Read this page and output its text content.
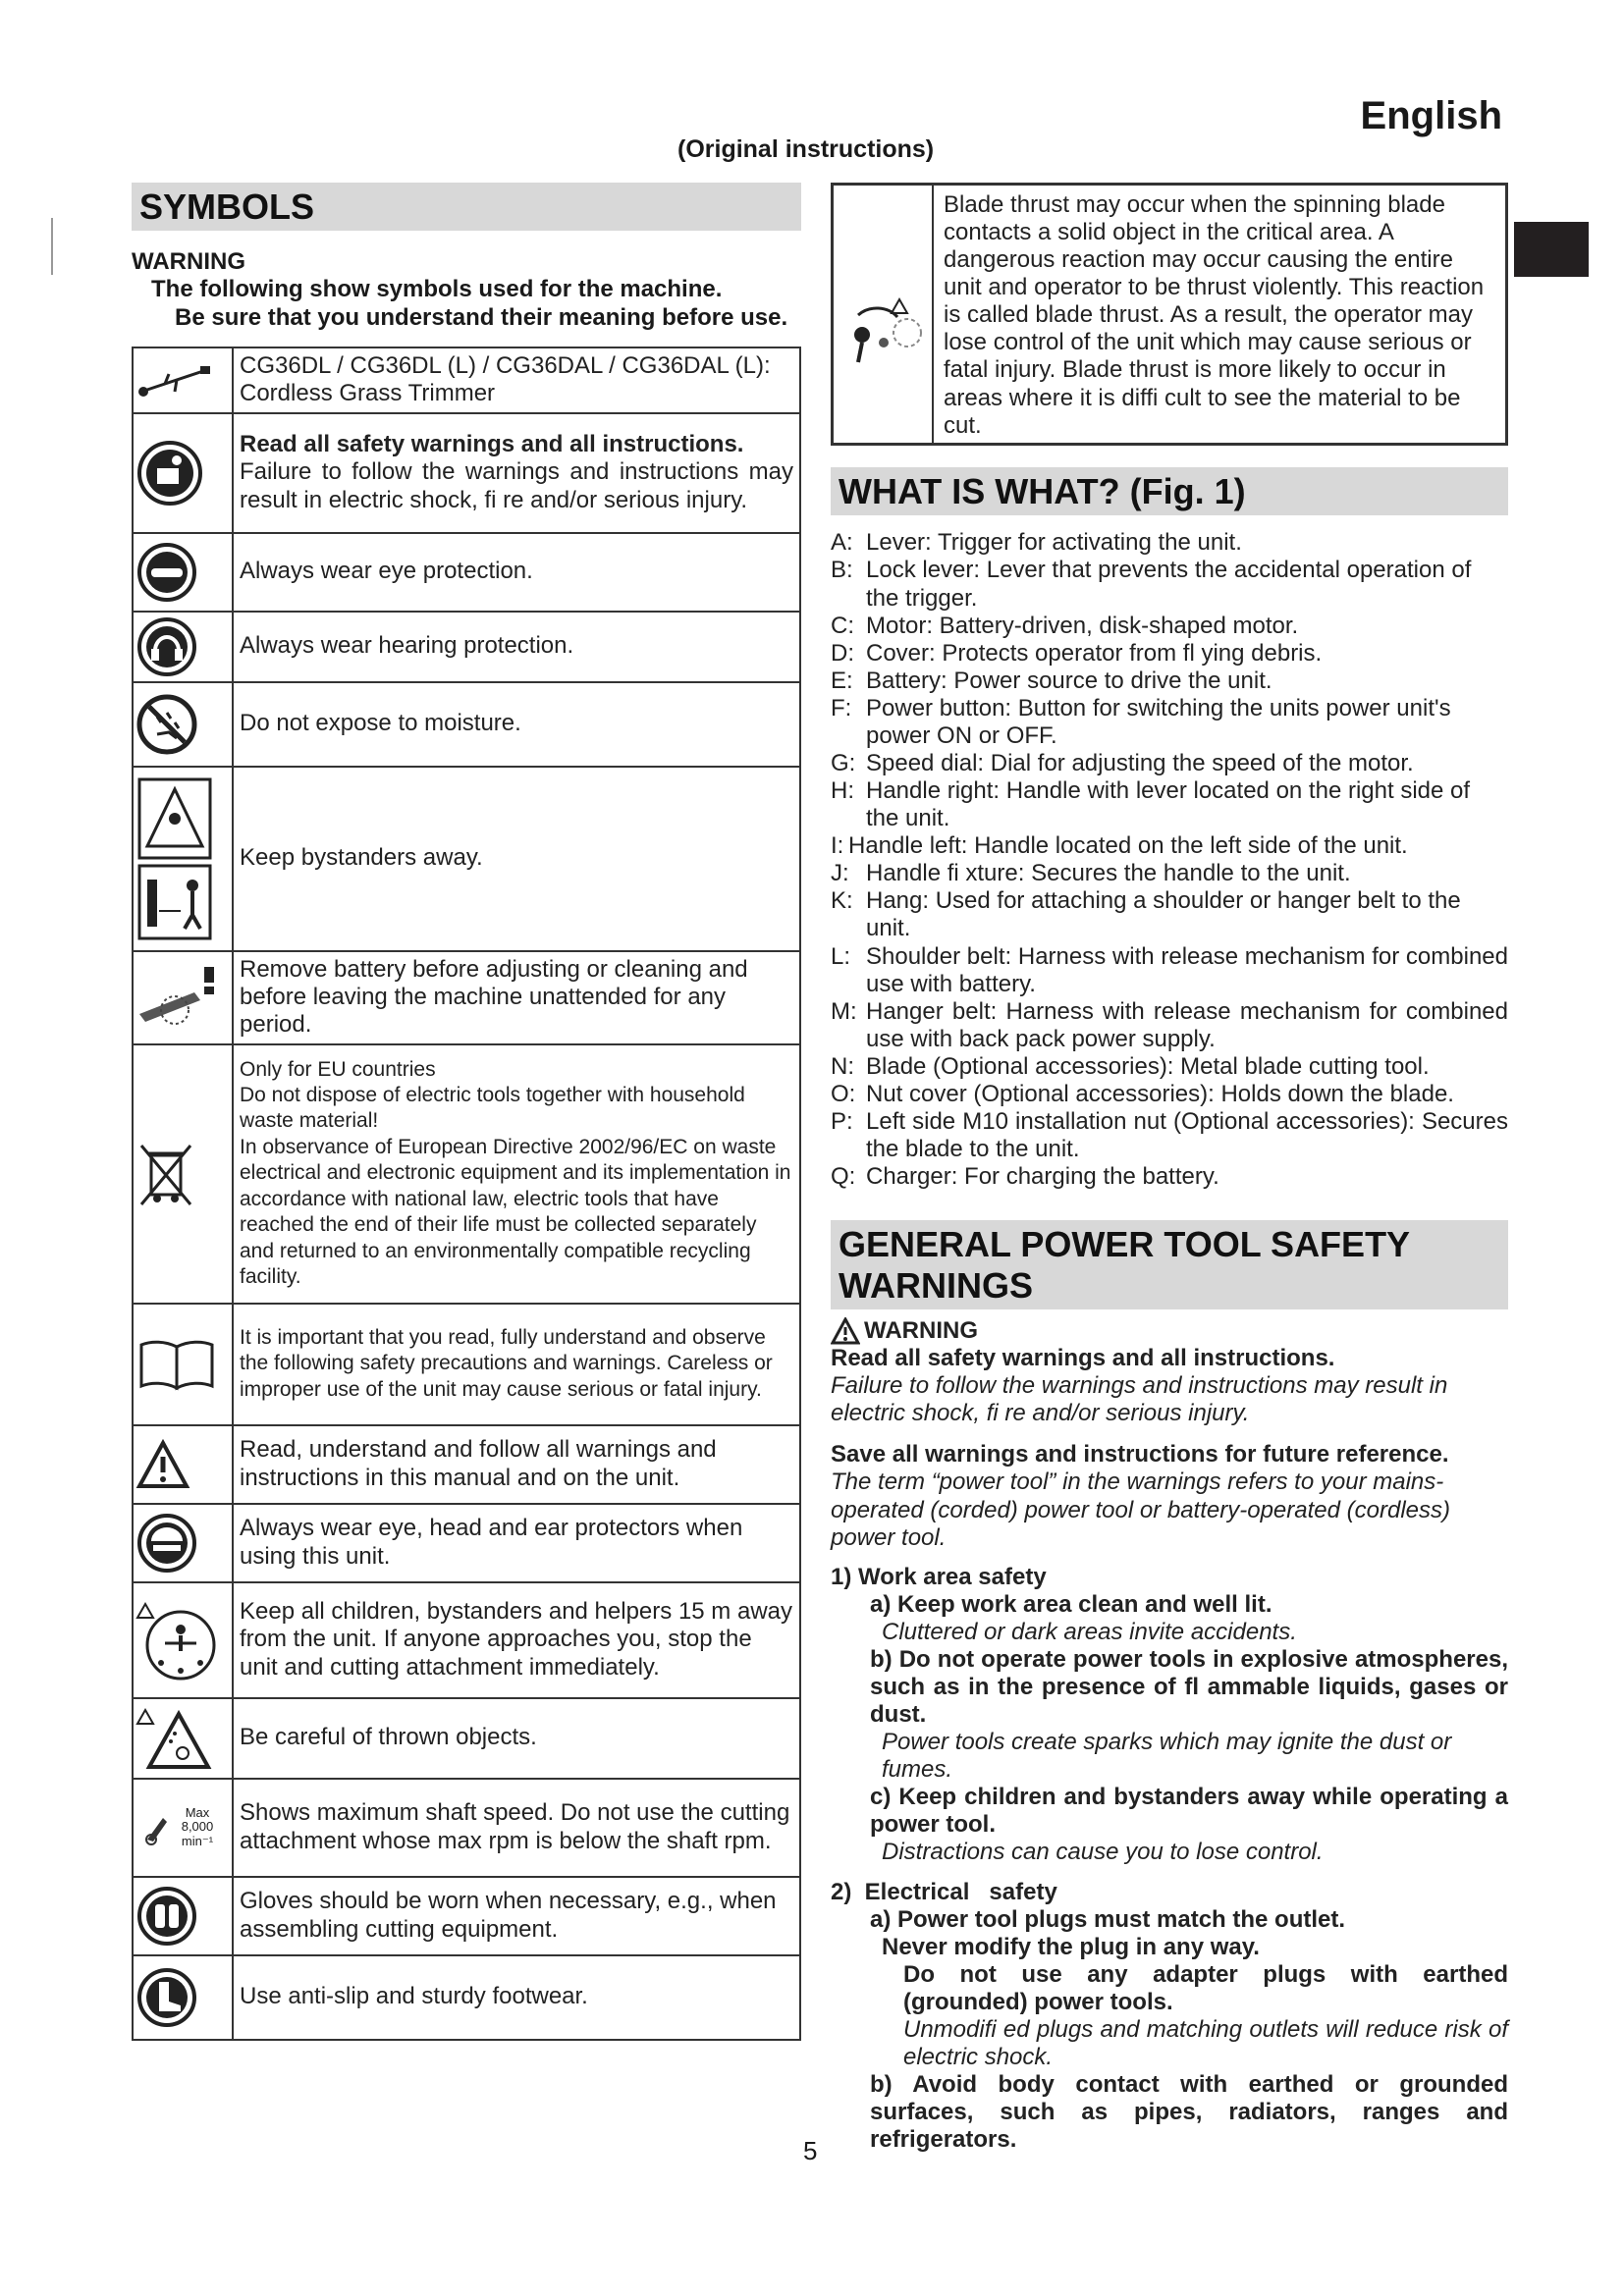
English
(Original instructions)
SYMBOLS
WARNING
The following show symbols used for the machine.
Be sure that you understand their meaning before use.
	CG36DL / CG36DL (L) / CG36DAL / CG36DAL (L): Cordless Grass Trimmer

	Read all safety warnings and all instructions.

Failure to follow the warnings and instructions may result in electric shock, fi re and/or serious injury.

	Always wear eye protection.

	Always wear hearing protection.

	Do not expose to moisture.

	Keep bystanders away.

	Remove battery before adjusting or cleaning and before leaving the machine unattended for any period.

	Only for EU countries
Do not dispose of electric tools together with household waste material!
In observance of European Directive 2002/96/EC on waste electrical and electronic equipment and its implementation in accordance with national law, electric tools that have reached the end of their life must be collected separately and returned to an environmentally compatible recycling facility.

	It is important that you read, fully understand and observe the following safety precautions and warnings. Careless or improper use of the unit may cause serious or fatal injury.

	Read, understand and follow all warnings and instructions in this manual and on the unit.

	Always wear eye, head and ear protectors when using this unit.

	Keep all children, bystanders and helpers 15 m away from the unit. If anyone approaches you, stop the unit and cutting attachment immediately.

	Be careful of thrown objects.

Max 8,000 min⁻¹	Shows maximum shaft speed. Do not use the cutting attachment whose max rpm is below the shaft rpm.

	Gloves should be worn when necessary, e.g., when assembling cutting equipment.

	Use anti-slip and sturdy footwear.
Blade thrust may occur when the spinning blade contacts a solid object in the critical area. A dangerous reaction may occur causing the entire unit and operator to be thrust violently. This reaction is called blade thrust. As a result, the operator may lose control of the unit which may cause serious or fatal injury. Blade thrust is more likely to occur in areas where it is diffi cult to see the material to be cut.
WHAT IS WHAT? (Fig. 1)
A: Lever: Trigger for activating the unit.
B: Lock lever: Lever that prevents the accidental operation of the trigger.
C: Motor: Battery-driven, disk-shaped motor.
D: Cover: Protects operator from fl ying debris.
E: Battery: Power source to drive the unit.
F: Power button: Button for switching the units power unit's power ON or OFF.
G: Speed dial: Dial for adjusting the speed of the motor.
H: Handle right: Handle with lever located on the right side of the unit.
I: Handle left: Handle located on the left side of the unit.
J: Handle fi xture: Secures the handle to the unit.
K: Hang: Used for attaching a shoulder or hanger belt to the unit.
L: Shoulder belt: Harness with release mechanism for combined use with battery.
M: Hanger belt: Harness with release mechanism for combined use with back pack power supply.
N: Blade (Optional accessories): Metal blade cutting tool.
O: Nut cover (Optional accessories): Holds down the blade.
P: Left side M10 installation nut (Optional accessories): Secures the blade to the unit.
Q: Charger: For charging the battery.
GENERAL POWER TOOL SAFETY WARNINGS
WARNING
Read all safety warnings and all instructions.
Failure to follow the warnings and instructions may result in electric shock, fi re and/or serious injury.
Save all warnings and instructions for future reference.
The term “power tool” in the warnings refers to your mains-operated (corded) power tool or battery-operated (cordless) power tool.
1) Work area safety
a) Keep work area clean and well lit.
Cluttered or dark areas invite accidents.
b) Do not operate power tools in explosive atmospheres, such as in the presence of fl ammable liquids, gases or dust.
Power tools create sparks which may ignite the dust or fumes.
c) Keep children and bystanders away while operating a power tool.
Distractions can cause you to lose control.
2)  Electrical   safety
a) Power tool plugs must match the outlet.
Never modify the plug in any way.
Do not use any adapter plugs with earthed (grounded) power tools.
Unmodifi ed plugs and matching outlets will reduce risk of electric shock.
b) Avoid body contact with earthed or grounded surfaces, such as pipes, radiators, ranges and refrigerators.
5
